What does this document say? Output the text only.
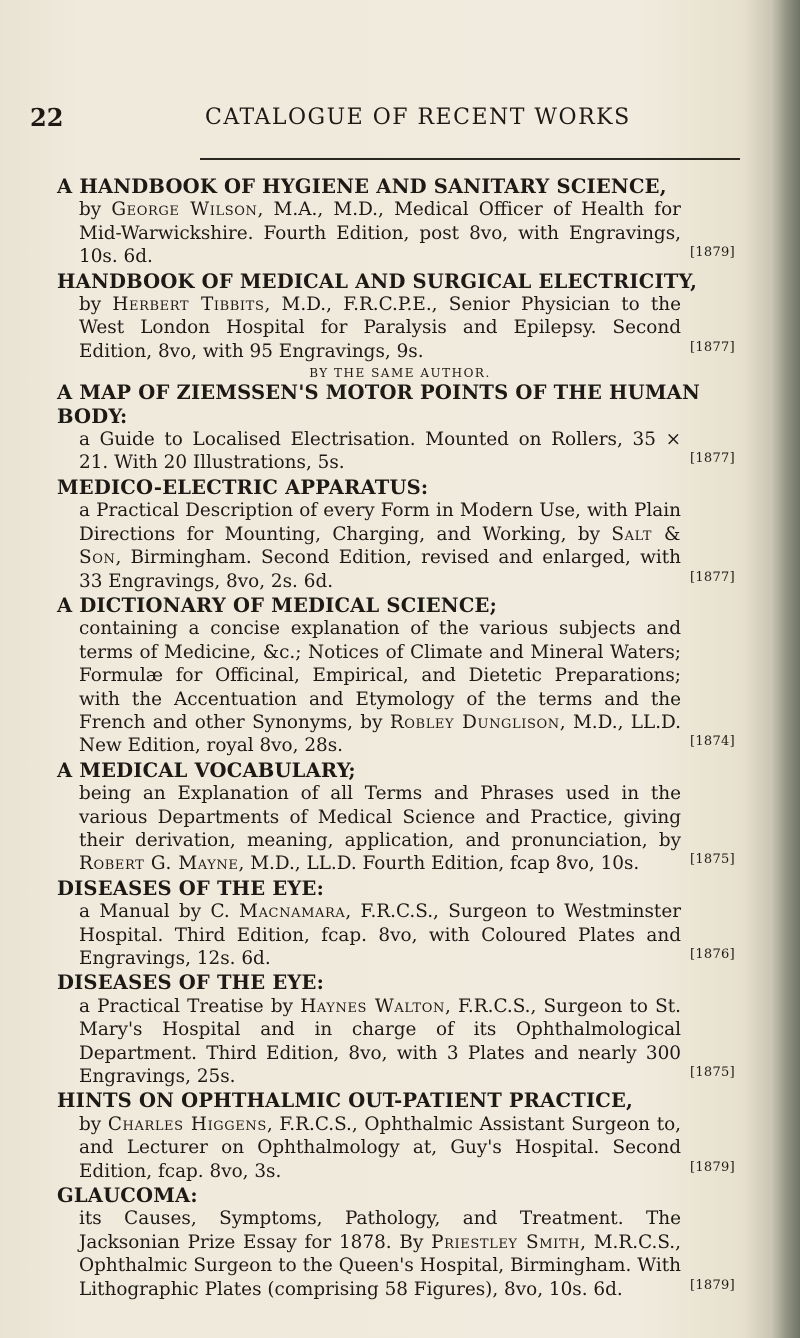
22	CATALOGUE OF RECENT WORKS
A HANDBOOK OF HYGIENE AND SANITARY SCIENCE,
by George Wilson, M.A., M.D., Medical Officer of Health for Mid-Warwickshire. Fourth Edition, post 8vo, with Engravings, 10s. 6d.	[1879]
HANDBOOK OF MEDICAL AND SURGICAL ELECTRICITY,
by Herbert Tibbits, M.D., F.R.C.P.E., Senior Physician to the West London Hospital for Paralysis and Epilepsy. Second Edition, 8vo, with 95 Engravings, 9s.	[1877]
BY THE SAME AUTHOR.
A MAP OF ZIEMSSEN'S MOTOR POINTS OF THE HUMAN BODY:
a Guide to Localised Electrisation. Mounted on Rollers, 35 × 21. With 20 Illustrations, 5s.	[1877]
MEDICO-ELECTRIC APPARATUS:
a Practical Description of every Form in Modern Use, with Plain Directions for Mounting, Charging, and Working, by Salt & Son, Birmingham. Second Edition, revised and enlarged, with 33 Engravings, 8vo, 2s. 6d.	[1877]
A DICTIONARY OF MEDICAL SCIENCE;
containing a concise explanation of the various subjects and terms of Medicine, &c.; Notices of Climate and Mineral Waters; Formulæ for Officinal, Empirical, and Dietetic Preparations; with the Accentuation and Etymology of the terms and the French and other Synonyms, by Robley Dunglison, M.D., LL.D. New Edition, royal 8vo, 28s.	[1874]
A MEDICAL VOCABULARY;
being an Explanation of all Terms and Phrases used in the various Departments of Medical Science and Practice, giving their derivation, meaning, application, and pronunciation, by Robert G. Mayne, M.D., LL.D. Fourth Edition, fcap 8vo, 10s.	[1875]
DISEASES OF THE EYE:
a Manual by C. Macnamara, F.R.C.S., Surgeon to Westminster Hospital. Third Edition, fcap. 8vo, with Coloured Plates and Engravings, 12s. 6d.	[1876]
DISEASES OF THE EYE:
a Practical Treatise by Haynes Walton, F.R.C.S., Surgeon to St. Mary's Hospital and in charge of its Ophthalmological Department. Third Edition, 8vo, with 3 Plates and nearly 300 Engravings, 25s.	[1875]
HINTS ON OPHTHALMIC OUT-PATIENT PRACTICE,
by Charles Higgens, F.R.C.S., Ophthalmic Assistant Surgeon to, and Lecturer on Ophthalmology at, Guy's Hospital. Second Edition, fcap. 8vo, 3s.	[1879]
GLAUCOMA:
its Causes, Symptoms, Pathology, and Treatment. The Jacksonian Prize Essay for 1878. By Priestley Smith, M.R.C.S., Ophthalmic Surgeon to the Queen's Hospital, Birmingham. With Lithographic Plates (comprising 58 Figures), 8vo, 10s. 6d.	[1879]
